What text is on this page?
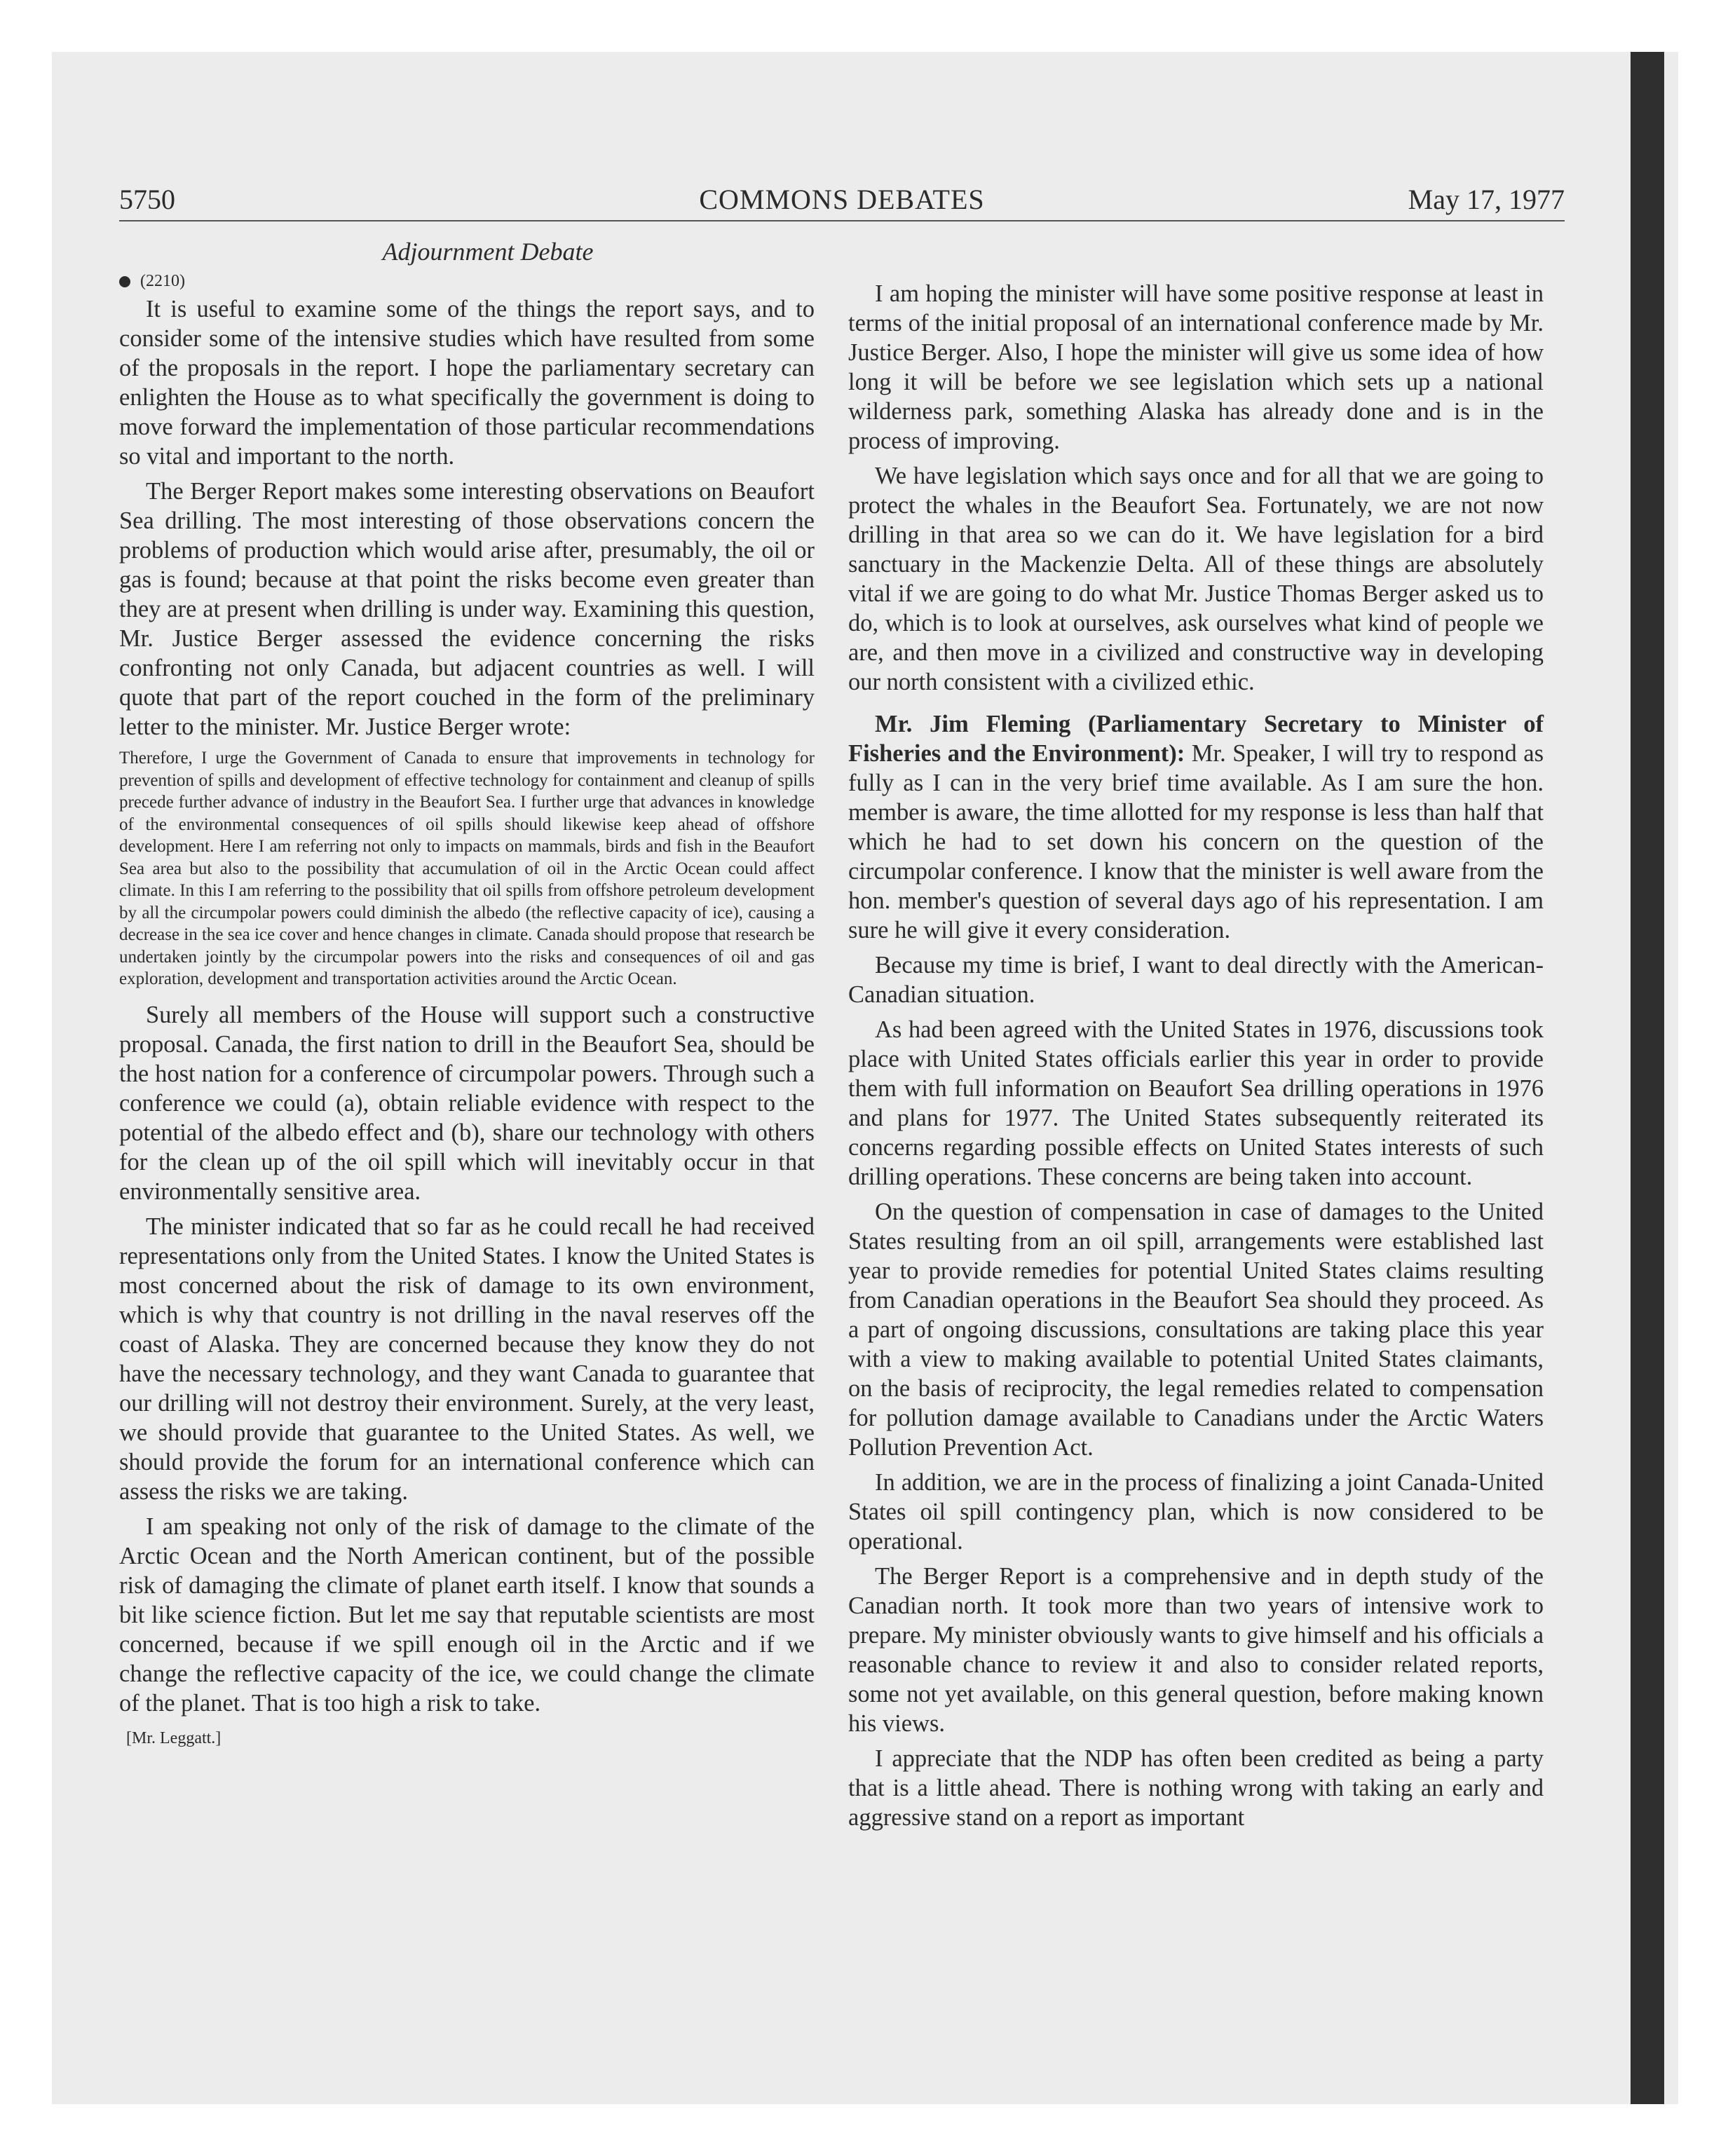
5750	COMMONS DEBATES	May 17, 1977
Adjournment Debate
(2210)

It is useful to examine some of the things the report says, and to consider some of the intensive studies which have resulted from some of the proposals in the report. I hope the parliamentary secretary can enlighten the House as to what specifically the government is doing to move forward the implementation of those particular recommendations so vital and important to the north.

The Berger Report makes some interesting observations on Beaufort Sea drilling. The most interesting of those observations concern the problems of production which would arise after, presumably, the oil or gas is found; because at that point the risks become even greater than they are at present when drilling is under way. Examining this question, Mr. Justice Berger assessed the evidence concerning the risks confronting not only Canada, but adjacent countries as well. I will quote that part of the report couched in the form of the preliminary letter to the minister. Mr. Justice Berger wrote:

Therefore, I urge the Government of Canada to ensure that improvements in technology for prevention of spills and development of effective technology for containment and cleanup of spills precede further advance of industry in the Beaufort Sea. I further urge that advances in knowledge of the environmental consequences of oil spills should likewise keep ahead of offshore development. Here I am referring not only to impacts on mammals, birds and fish in the Beaufort Sea area but also to the possibility that accumulation of oil in the Arctic Ocean could affect climate. In this I am referring to the possibility that oil spills from offshore petroleum development by all the circumpolar powers could diminish the albedo (the reflective capacity of ice), causing a decrease in the sea ice cover and hence changes in climate. Canada should propose that research be undertaken jointly by the circumpolar powers into the risks and consequences of oil and gas exploration, development and transportation activities around the Arctic Ocean.

Surely all members of the House will support such a constructive proposal. Canada, the first nation to drill in the Beaufort Sea, should be the host nation for a conference of circumpolar powers. Through such a conference we could (a), obtain reliable evidence with respect to the potential of the albedo effect and (b), share our technology with others for the clean up of the oil spill which will inevitably occur in that environmentally sensitive area.

The minister indicated that so far as he could recall he had received representations only from the United States. I know the United States is most concerned about the risk of damage to its own environment, which is why that country is not drilling in the naval reserves off the coast of Alaska. They are concerned because they know they do not have the necessary technology, and they want Canada to guarantee that our drilling will not destroy their environment. Surely, at the very least, we should provide that guarantee to the United States. As well, we should provide the forum for an international conference which can assess the risks we are taking.

I am speaking not only of the risk of damage to the climate of the Arctic Ocean and the North American continent, but of the possible risk of damaging the climate of planet earth itself. I know that sounds a bit like science fiction. But let me say that reputable scientists are most concerned, because if we spill enough oil in the Arctic and if we change the reflective capacity of the ice, we could change the climate of the planet. That is too high a risk to take.

[Mr. Leggatt.]

I am hoping the minister will have some positive response at least in terms of the initial proposal of an international conference made by Mr. Justice Berger. Also, I hope the minister will give us some idea of how long it will be before we see legislation which sets up a national wilderness park, something Alaska has already done and is in the process of improving.

We have legislation which says once and for all that we are going to protect the whales in the Beaufort Sea. Fortunately, we are not now drilling in that area so we can do it. We have legislation for a bird sanctuary in the Mackenzie Delta. All of these things are absolutely vital if we are going to do what Mr. Justice Thomas Berger asked us to do, which is to look at ourselves, ask ourselves what kind of people we are, and then move in a civilized and constructive way in developing our north consistent with a civilized ethic.

Mr. Jim Fleming (Parliamentary Secretary to Minister of Fisheries and the Environment): Mr. Speaker, I will try to respond as fully as I can in the very brief time available. As I am sure the hon. member is aware, the time allotted for my response is less than half that which he had to set down his concern on the question of the circumpolar conference. I know that the minister is well aware from the hon. member's question of several days ago of his representation. I am sure he will give it every consideration.

Because my time is brief, I want to deal directly with the American-Canadian situation.

As had been agreed with the United States in 1976, discussions took place with United States officials earlier this year in order to provide them with full information on Beaufort Sea drilling operations in 1976 and plans for 1977. The United States subsequently reiterated its concerns regarding possible effects on United States interests of such drilling operations. These concerns are being taken into account.

On the question of compensation in case of damages to the United States resulting from an oil spill, arrangements were established last year to provide remedies for potential United States claims resulting from Canadian operations in the Beaufort Sea should they proceed. As a part of ongoing discussions, consultations are taking place this year with a view to making available to potential United States claimants, on the basis of reciprocity, the legal remedies related to compensation for pollution damage available to Canadians under the Arctic Waters Pollution Prevention Act.

In addition, we are in the process of finalizing a joint Canada-United States oil spill contingency plan, which is now considered to be operational.

The Berger Report is a comprehensive and in depth study of the Canadian north. It took more than two years of intensive work to prepare. My minister obviously wants to give himself and his officials a reasonable chance to review it and also to consider related reports, some not yet available, on this general question, before making known his views.

I appreciate that the NDP has often been credited as being a party that is a little ahead. There is nothing wrong with taking an early and aggressive stand on a report as important
